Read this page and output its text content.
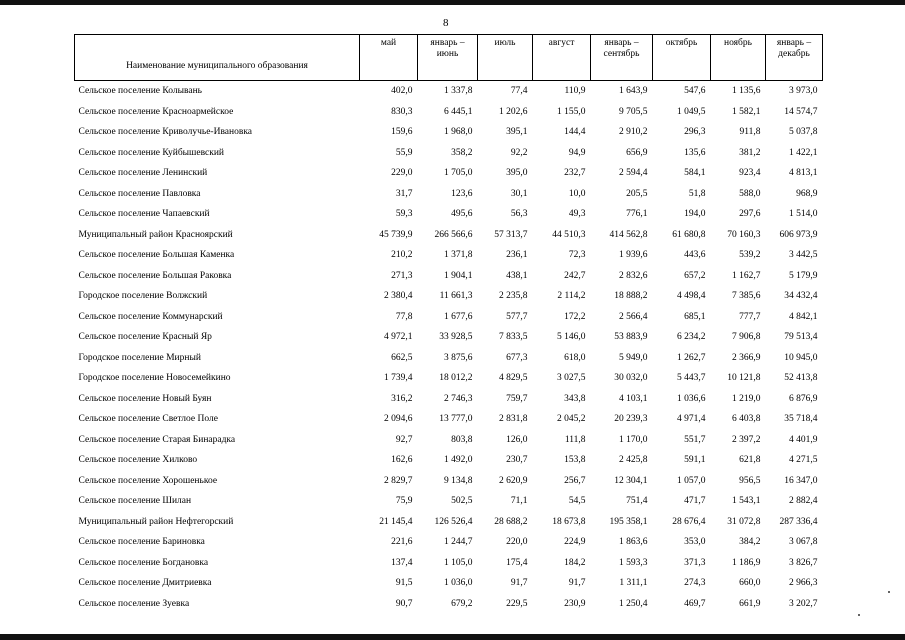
8
Наименование муниципального образования	май	январь – июнь	июль	август	январь – сентябрь	октябрь	ноябрь	январь – декабрь
Сельское поселение Колывань	402,0	1 337,8	77,4	110,9	1 643,9	547,6	1 135,6	3 973,0
Сельское поселение Красноармейское	830,3	6 445,1	1 202,6	1 155,0	9 705,5	1 049,5	1 582,1	14 574,7
Сельское поселение Криволучье-Ивановка	159,6	1 968,0	395,1	144,4	2 910,2	296,3	911,8	5 037,8
Сельское поселение Куйбышевский	55,9	358,2	92,2	94,9	656,9	135,6	381,2	1 422,1
Сельское поселение Ленинский	229,0	1 705,0	395,0	232,7	2 594,4	584,1	923,4	4 813,1
Сельское поселение Павловка	31,7	123,6	30,1	10,0	205,5	51,8	588,0	968,9
Сельское поселение Чапаевский	59,3	495,6	56,3	49,3	776,1	194,0	297,6	1 514,0
Муниципальный район Красноярский	45 739,9	266 566,6	57 313,7	44 510,3	414 562,8	61 680,8	70 160,3	606 973,9
Сельское поселение Большая Каменка	210,2	1 371,8	236,1	72,3	1 939,6	443,6	539,2	3 442,5
Сельское поселение Большая Раковка	271,3	1 904,1	438,1	242,7	2 832,6	657,2	1 162,7	5 179,9
Городское поселение Волжский	2 380,4	11 661,3	2 235,8	2 114,2	18 888,2	4 498,4	7 385,6	34 432,4
Сельское поселение Коммунарский	77,8	1 677,6	577,7	172,2	2 566,4	685,1	777,7	4 842,1
Сельское поселение Красный Яр	4 972,1	33 928,5	7 833,5	5 146,0	53 883,9	6 234,2	7 906,8	79 513,4
Городское поселение Мирный	662,5	3 875,6	677,3	618,0	5 949,0	1 262,7	2 366,9	10 945,0
Городское поселение Новосемейкино	1 739,4	18 012,2	4 829,5	3 027,5	30 032,0	5 443,7	10 121,8	52 413,8
Сельское поселение Новый Буян	316,2	2 746,3	759,7	343,8	4 103,1	1 036,6	1 219,0	6 876,9
Сельское поселение Светлое Поле	2 094,6	13 777,0	2 831,8	2 045,2	20 239,3	4 971,4	6 403,8	35 718,4
Сельское поселение Старая Бинарадка	92,7	803,8	126,0	111,8	1 170,0	551,7	2 397,2	4 401,9
Сельское поселение Хилково	162,6	1 492,0	230,7	153,8	2 425,8	591,1	621,8	4 271,5
Сельское поселение Хорошенькое	2 829,7	9 134,8	2 620,9	256,7	12 304,1	1 057,0	956,5	16 347,0
Сельское поселение Шилан	75,9	502,5	71,1	54,5	751,4	471,7	1 543,1	2 882,4
Муниципальный район Нефтегорский	21 145,4	126 526,4	28 688,2	18 673,8	195 358,1	28 676,4	31 072,8	287 336,4
Сельское поселение Бариновка	221,6	1 244,7	220,0	224,9	1 863,6	353,0	384,2	3 067,8
Сельское поселение Богдановка	137,4	1 105,0	175,4	184,2	1 593,3	371,3	1 186,9	3 826,7
Сельское поселение Дмитриевка	91,5	1 036,0	91,7	91,7	1 311,1	274,3	660,0	2 966,3
Сельское поселение Зуевка	90,7	679,2	229,5	230,9	1 250,4	469,7	661,9	3 202,7
